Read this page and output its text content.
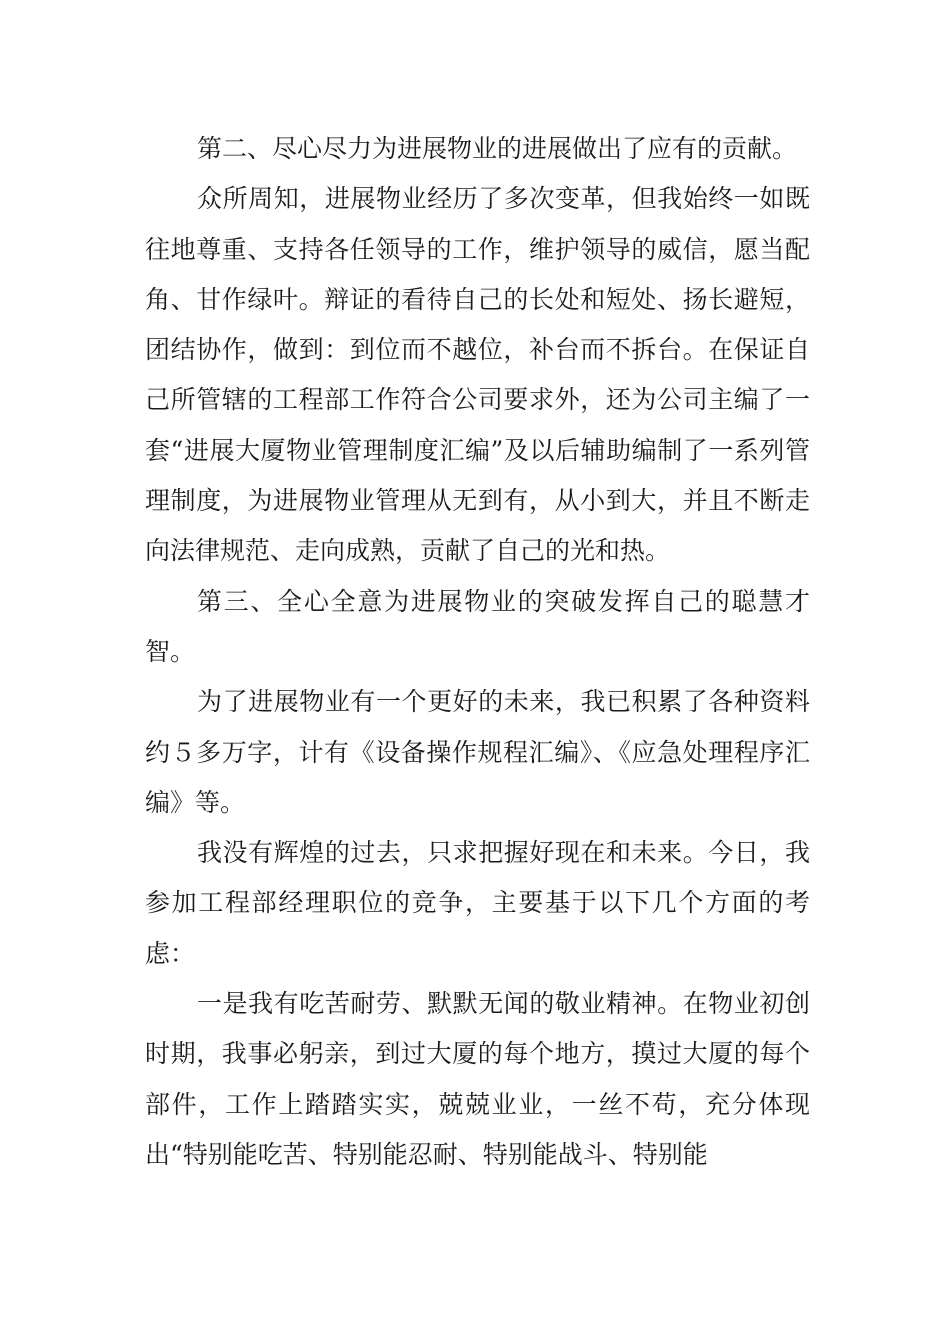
第二、尽心尽力为进展物业的进展做出了应有的贡献。

众所周知，进展物业经历了多次变革，但我始终一如既往地尊重、支持各任领导的工作，维护领导的威信，愿当配角、甘作绿叶。辩证的看待自己的长处和短处、扬长避短，团结协作，做到：到位而不越位，补台而不拆台。在保证自己所管辖的工程部工作符合公司要求外，还为公司主编了一套“进展大厦物业管理制度汇编”及以后辅助编制了一系列管理制度，为进展物业管理从无到有，从小到大，并且不断走向法律规范、走向成熟，贡献了自己的光和热。

第三、全心全意为进展物业的突破发挥自己的聪慧才智。

为了进展物业有一个更好的未来，我已积累了各种资料约５多万字，计有《设备操作规程汇编》、《应急处理程序汇编》等。

我没有辉煌的过去，只求把握好现在和未来。今日，我参加工程部经理职位的竞争，主要基于以下几个方面的考虑：

一是我有吃苦耐劳、默默无闻的敬业精神。在物业初创时期，我事必躬亲，到过大厦的每个地方，摸过大厦的每个部件，工作上踏踏实实，兢兢业业，一丝不苟，充分体现出“特别能吃苦、特别能忍耐、特别能战斗、特别能
